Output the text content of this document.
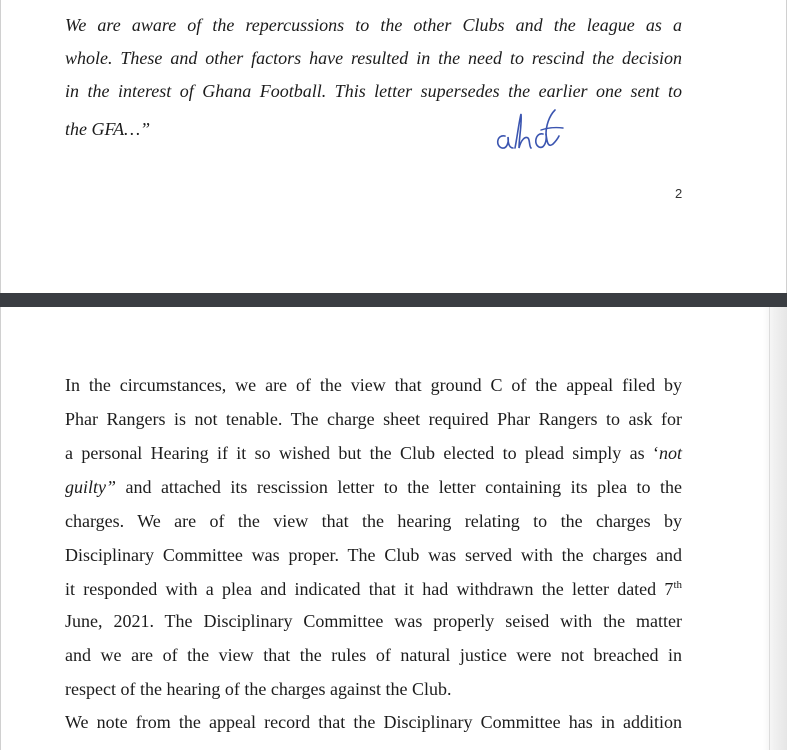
We are aware of the repercussions to the other Clubs and the league as a
whole. These and other factors have resulted in the need to rescind the decision
in the interest of Ghana Football. This letter supersedes the earlier one sent to
the GFA…”
2
In the circumstances, we are of the view that ground C of the appeal filed by
Phar Rangers is not tenable. The charge sheet required Phar Rangers to ask for
a personal Hearing if it so wished but the Club elected to plead simply as ‘not
guilty” and attached its rescission letter to the letter containing its plea to the
charges. We are of the view that the hearing relating to the charges by
Disciplinary Committee was proper. The Club was served with the charges and
it responded with a plea and indicated that it had withdrawn the letter dated 7th
June, 2021. The Disciplinary Committee was properly seised with the matter
and we are of the view that the rules of natural justice were not breached in
respect of the hearing of the charges against the Club.
We note from the appeal record that the Disciplinary Committee has in addition
